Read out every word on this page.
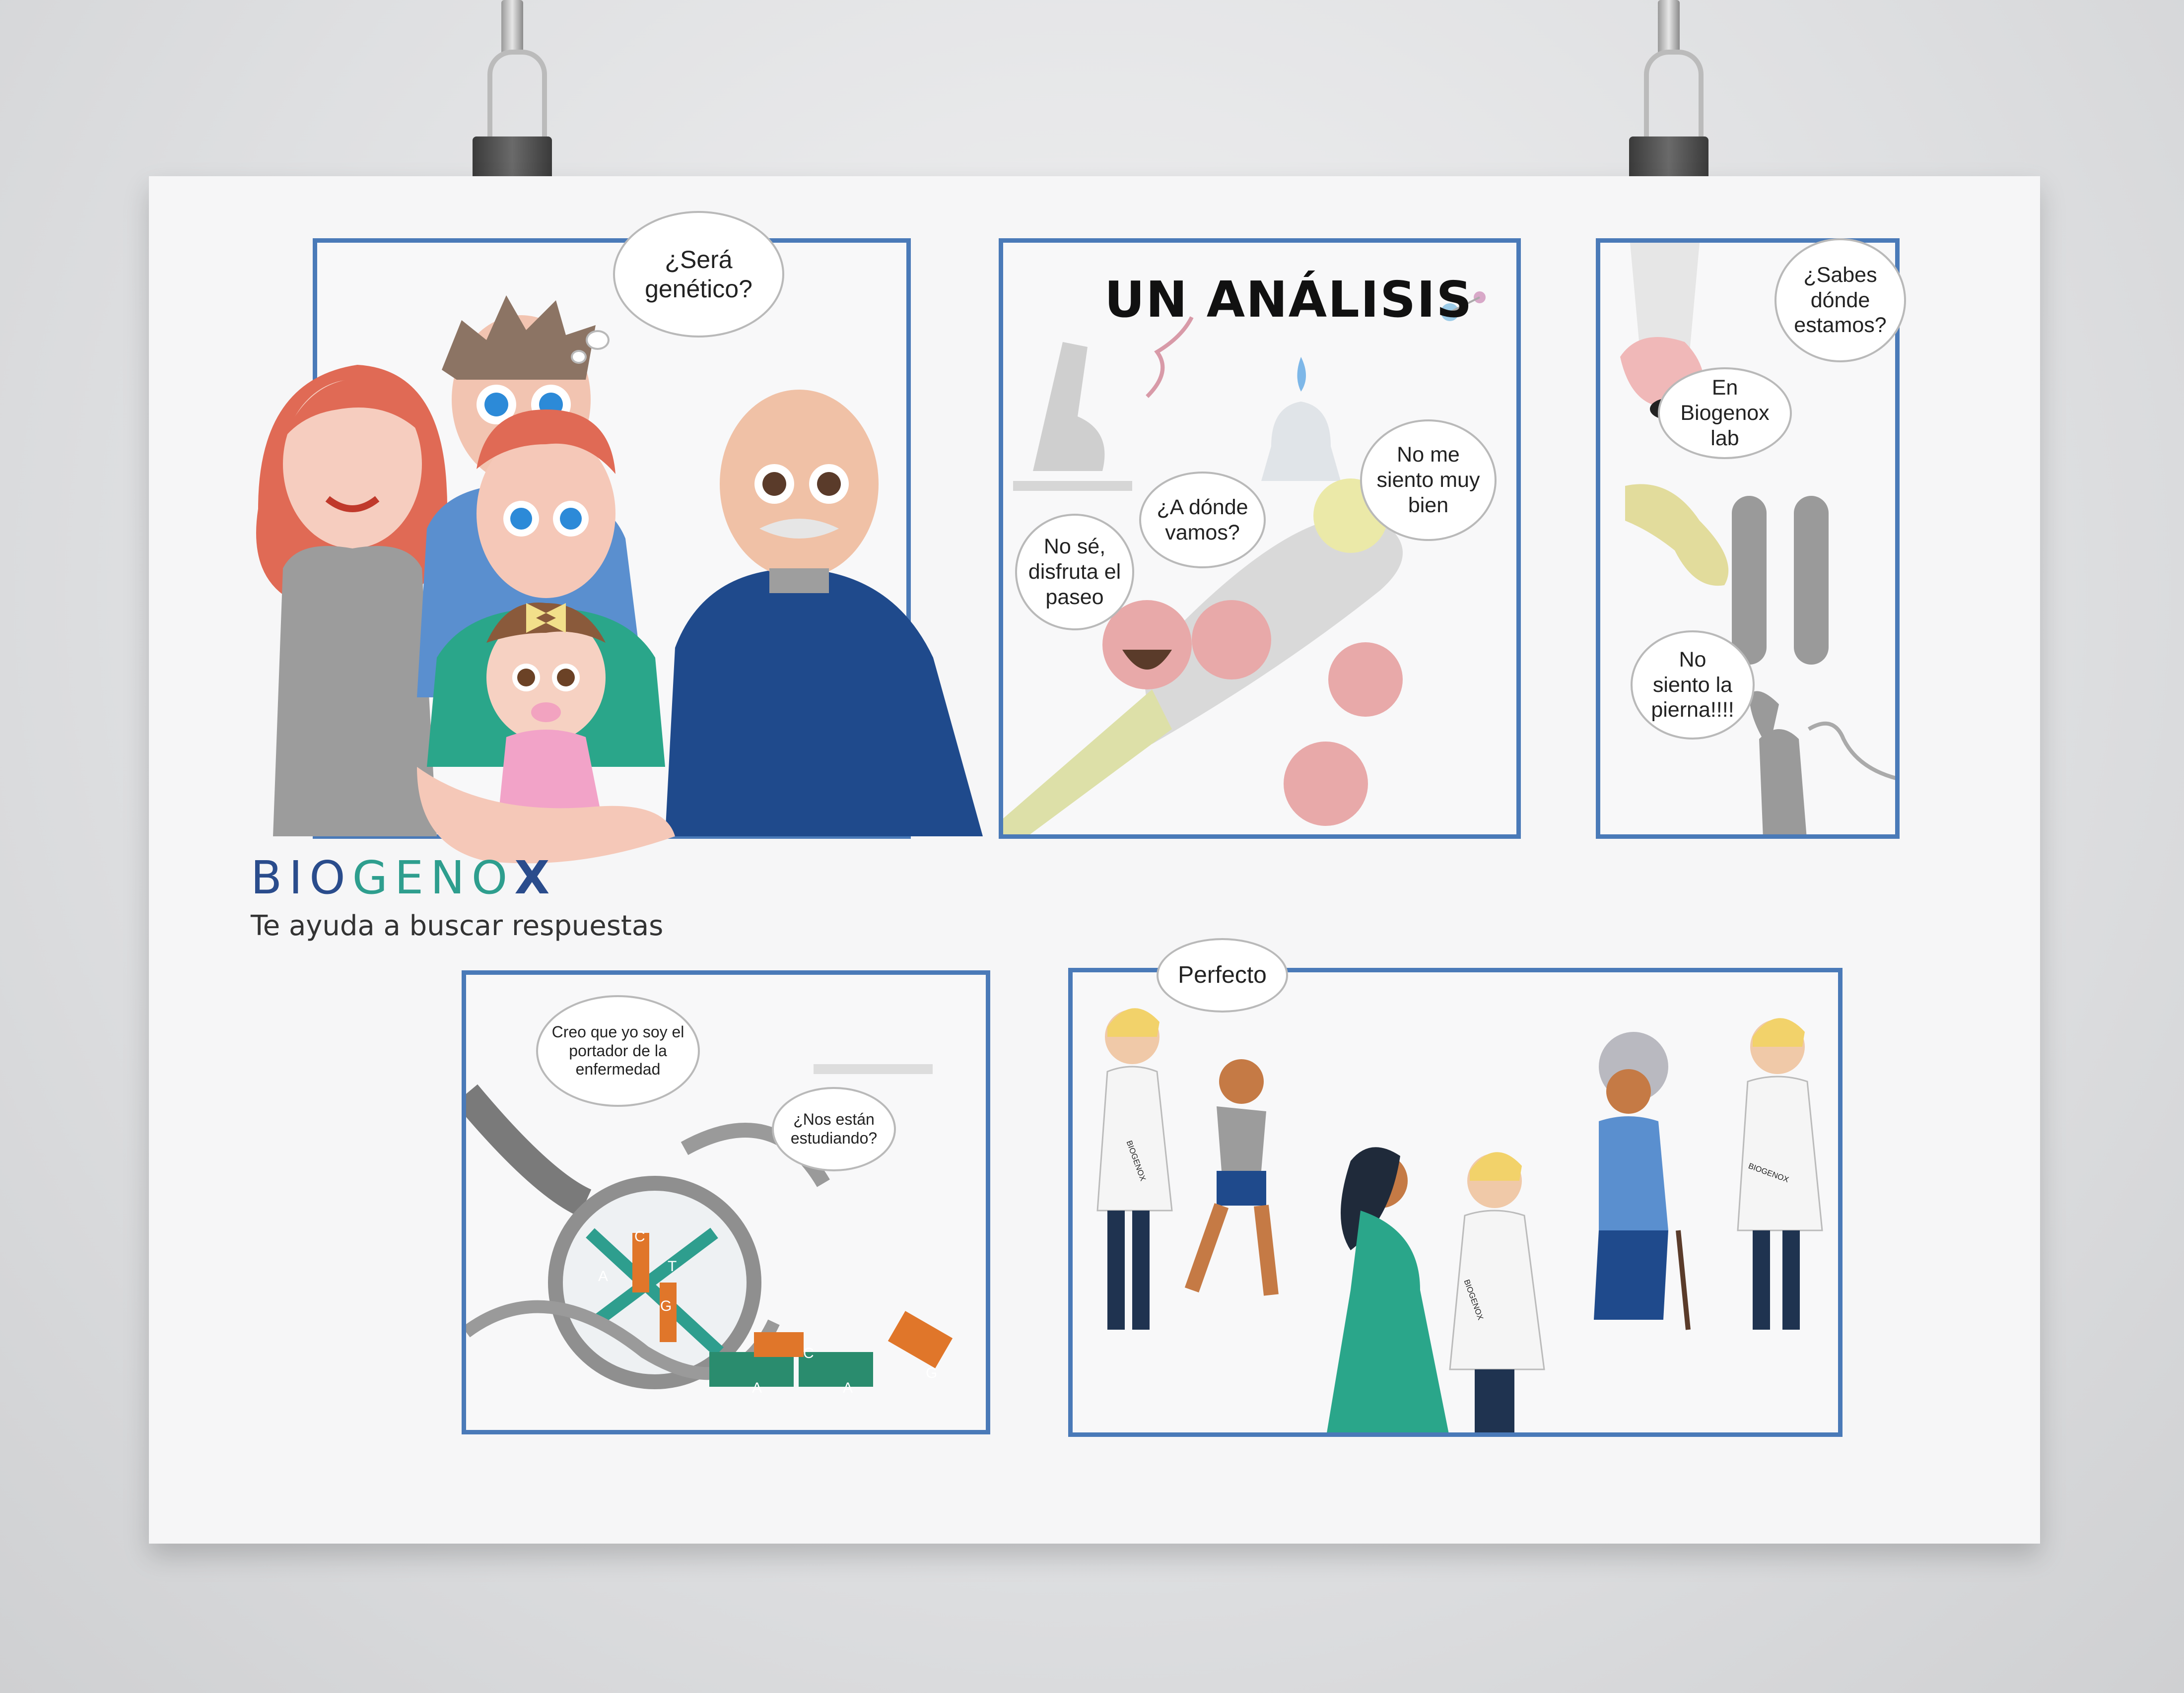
¿Será
genético?
BIOGENOX
Te ayuda a buscar respuestas
UN ANÁLISIS
No me
siento muy
bien
¿A dónde
vamos?
No sé,
disfruta el
paseo
¿Sabes
dónde
estamos?
En Biogenox
lab
No
siento la
pierna!!!!
Creo que yo soy el
portador de la
enfermedad
¿Nos están
estudiando?
C
T
A
G
A
C
A
G
Perfecto
BIOGENOX
BIOGENOX
BIOGENOX
